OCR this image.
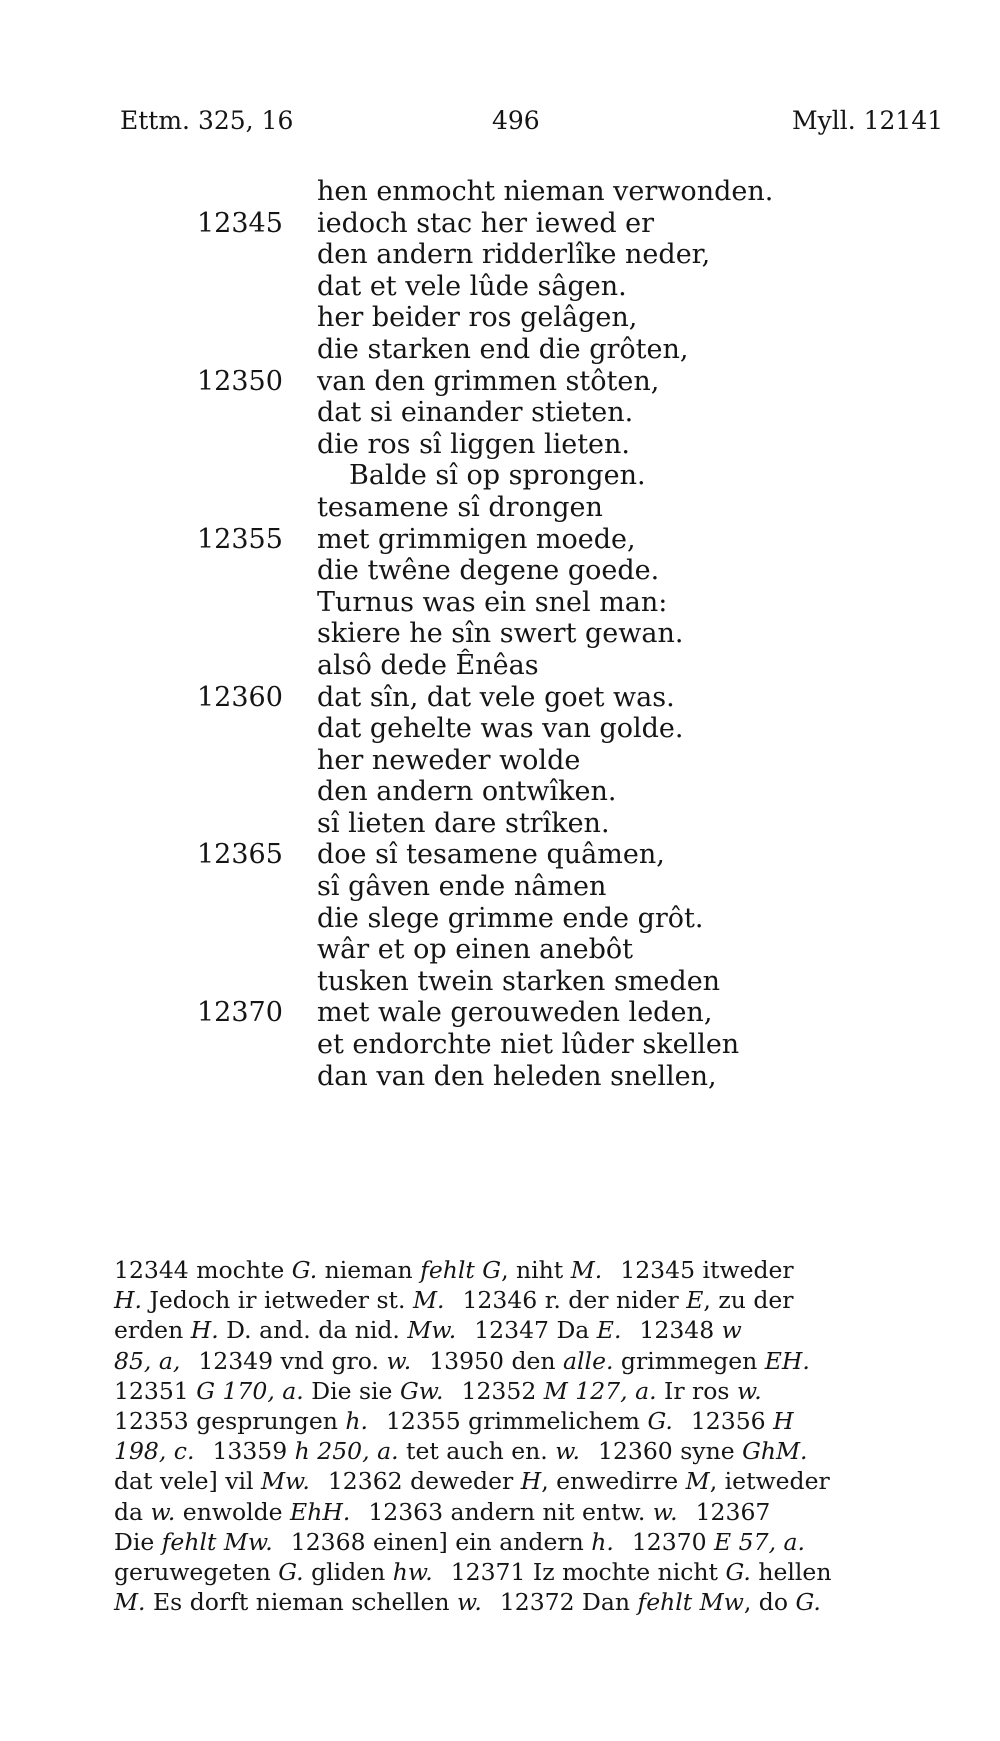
Ettm. 325, 16	496	Myll. 12141
hen enmocht nieman verwonden.
12345 iedoch stac her iewed er
den andern ridderlîke neder,
dat et vele lûde sâgen.
her beider ros gelâgen,
die starken end die grôten,
12350 van den grimmen stôten,
dat si einander stieten.
die ros sî liggen lieten.
Balde sî op sprongen.
tesamene sî drongen
12355 met grimmigen moede,
die twêne degene goede.
Turnus was ein snel man:
skiere he sîn swert gewan.
alsô dede Ênêas
12360 dat sîn, dat vele goet was.
dat gehelte was van golde.
her neweder wolde
den andern ontwîken.
sî lieten dare strîken.
12365 doe sî tesamene quâmen,
sî gâven ende nâmen
die slege grimme ende grôt.
wâr et op einen anebôt
tusken twein starken smeden
12370 met wale gerouweden leden,
et endorchte niet lûder skellen
dan van den heleden snellen,
12344 mochte G. nieman fehlt G, niht M. 12345 itweder
H. Jedoch ir ietweder st. M. 12346 r. der nider E, zu der
erden H. D. and. da nid. Mw. 12347 Da E. 12348 w
85, a, 12349 vnd gro. w. 13950 den alle. grimmegen EH.
12351 G 170, a. Die sie Gw. 12352 M 127, a. Ir ros w.
12353 gesprungen h. 12355 grimmelichem G. 12356 H
198, c. 13359 h 250, a. tet auch en. w. 12360 syne GhM.
dat vele] vil Mw. 12362 deweder H, enwedirre M, ietweder
da w. enwolde EhH. 12363 andern nit entw. w. 12367
Die fehlt Mw. 12368 einen] ein andern h. 12370 E 57, a.
geruwegeten G. gliden hw. 12371 Iz mochte nicht G. hellen
M. Es dorft nieman schellen w. 12372 Dan fehlt Mw, do G.
